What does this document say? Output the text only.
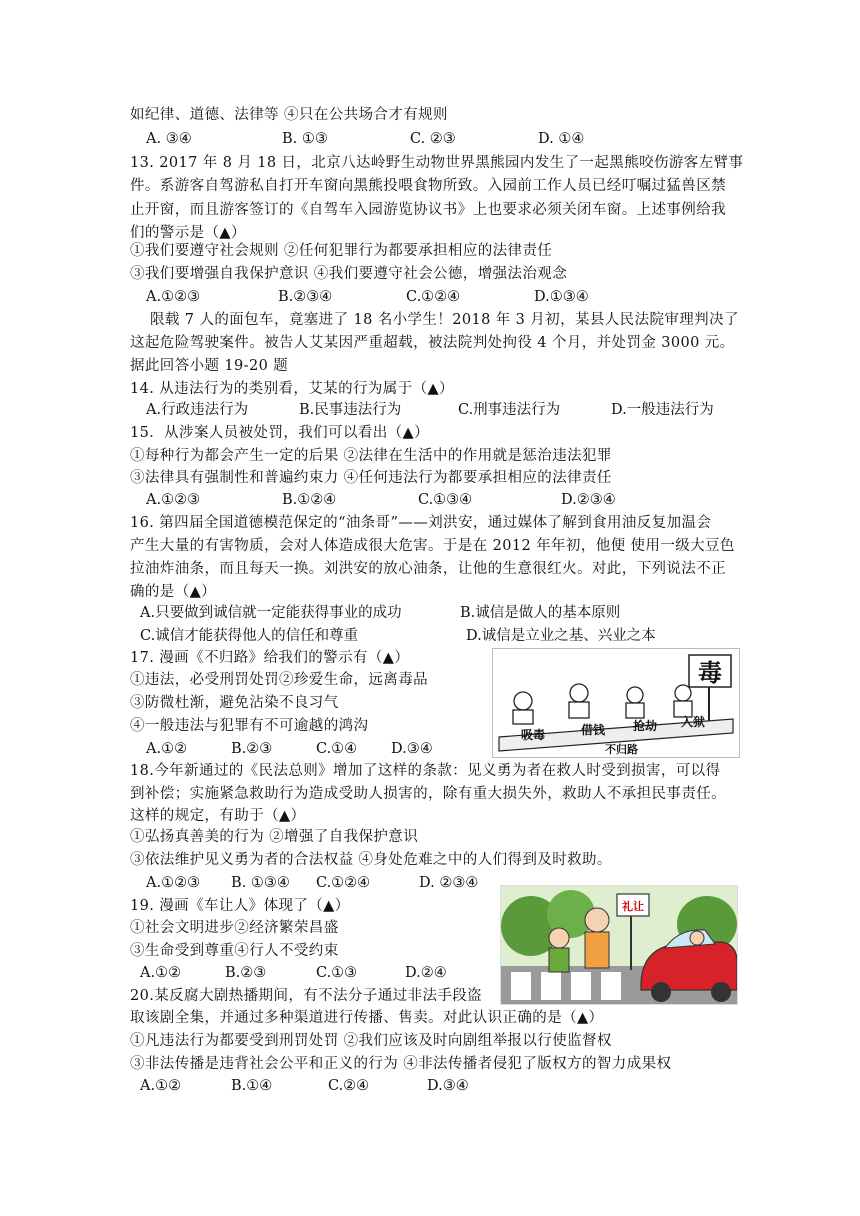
如纪律、道德、法律等 ④只在公共场合才有规则
A. ③④	B. ①③	C. ②③	D. ①④
13. 2017 年 8 月 18 日，北京八达岭野生动物世界黑熊园内发生了一起黑熊咬伤游客左臂事
件。系游客自驾游私自打开车窗向黑熊投喂食物所致。入园前工作人员已经叮嘱过猛兽区禁
止开窗，而且游客签订的《自驾车入园游览协议书》上也要求必须关闭车窗。上述事例给我
们的警示是（▲）
①我们要遵守社会规则 ②任何犯罪行为都要承担相应的法律责任
③我们要增强自我保护意识 ④我们要遵守社会公德，增强法治观念
A.①②③	B.②③④	C.①②④	D.①③④
限载 7 人的面包车，竟塞进了 18 名小学生！2018 年 3 月初，某县人民法院审理判决了
这起危险驾驶案件。被告人艾某因严重超载，被法院判处拘役 4 个月，并处罚金 3000 元。
据此回答小题 19-20 题
14. 从违法行为的类别看，艾某的行为属于（▲）
A.行政违法行为	B.民事违法行为	C.刑事违法行为	D.一般违法行为
15．从涉案人员被处罚，我们可以看出（▲）
①每种行为都会产生一定的后果 ②法律在生活中的作用就是惩治违法犯罪
③法律具有强制性和普遍约束力 ④任何违法行为都要承担相应的法律责任
A.①②③	B.①②④	C.①③④	D.②③④
16. 第四届全国道德模范保定的“油条哥”——刘洪安，通过媒体了解到食用油反复加温会
产生大量的有害物质，会对人体造成很大危害。于是在 2012 年年初，他便 使用一级大豆色
拉油炸油条，而且每天一换。刘洪安的放心油条，让他的生意很红火。对此，下列说法不正
确的是（▲）
A.只要做到诚信就一定能获得事业的成功	B.诚信是做人的基本原则
C.诚信才能获得他人的信任和尊重	D.诚信是立业之基、兴业之本
17. 漫画《不归路》给我们的警示有（▲）
①违法，必受刑罚处罚②珍爱生命，远离毒品
③防微杜渐，避免沾染不良习气
④一般违法与犯罪有不可逾越的鸿沟
A.①②	B.②③	C.①④ D.③④
毒
吸毒	借钱 抢劫 入狱
不归路
18.今年新通过的《民法总则》增加了这样的条款：见义勇为者在救人时受到损害，可以得
到补偿；实施紧急救助行为造成受助人损害的，除有重大损失外，救助人不承担民事责任。
这样的规定，有助于（▲）
①弘扬真善美的行为 ②增强了自我保护意识
③依法维护见义勇为者的合法权益 ④身处危难之中的人们得到及时救助。
A.①②③ B. ①③④ C.①②④	D. ②③④
19. 漫画《车让人》体现了（▲）
①社会文明进步②经济繁荣昌盛
③生命受到尊重④行人不受约束
A.①②	B.②③	C.①③	D.②④
礼让
20.某反腐大剧热播期间，有不法分子通过非法手段盗
取该剧全集，并通过多种渠道进行传播、售卖。对此认识正确的是（▲）
①凡违法行为都要受到刑罚处罚 ②我们应该及时向剧组举报以行使监督权
③非法传播是违背社会公平和正义的行为 ④非法传播者侵犯了版权方的智力成果权
A.①②	B.①④	C.②④	D.③④
